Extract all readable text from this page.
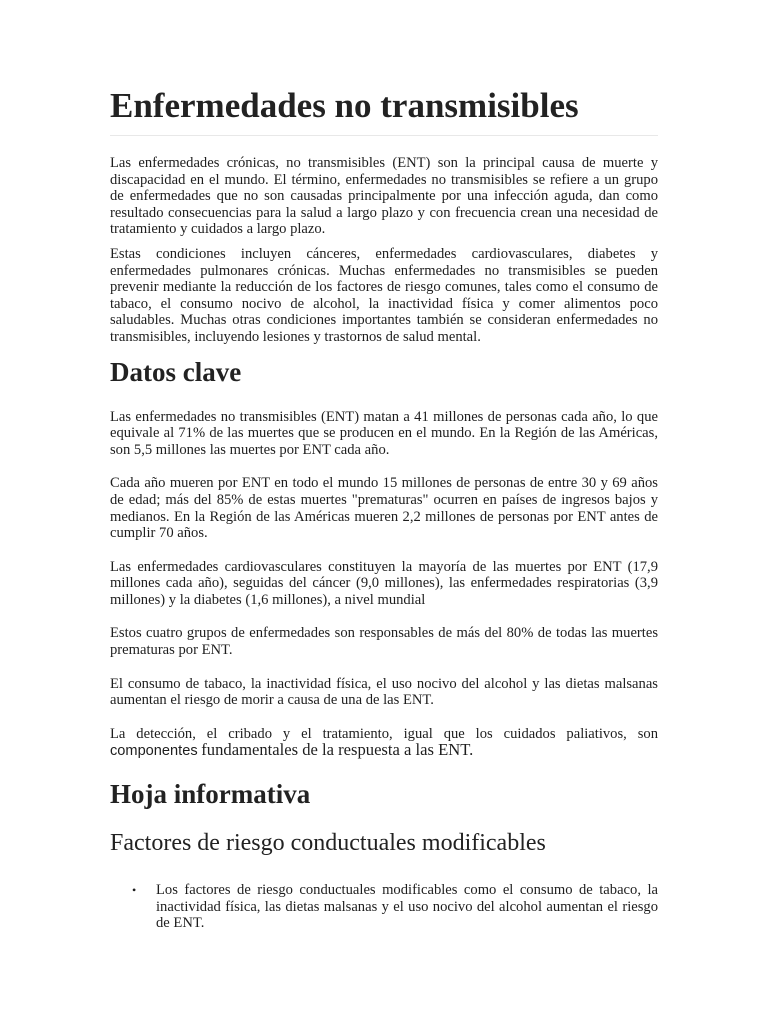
Enfermedades no transmisibles

Las enfermedades crónicas, no transmisibles (ENT) son la principal causa de muerte y discapacidad en el mundo. El término, enfermedades no transmisibles se refiere a un grupo de enfermedades que no son causadas principalmente por una infección aguda, dan como resultado consecuencias para la salud a largo plazo y con frecuencia crean una necesidad de tratamiento y cuidados a largo plazo.

Estas condiciones incluyen cánceres, enfermedades cardiovasculares, diabetes y enfermedades pulmonares crónicas. Muchas enfermedades no transmisibles se pueden prevenir mediante la reducción de los factores de riesgo comunes, tales como el consumo de tabaco, el consumo nocivo de alcohol, la inactividad física y comer alimentos poco saludables. Muchas otras condiciones importantes también se consideran enfermedades no transmisibles, incluyendo lesiones y trastornos de salud mental.

Datos clave

Las enfermedades no transmisibles (ENT) matan a 41 millones de personas cada año, lo que equivale al 71% de las muertes que se producen en el mundo. En la Región de las Américas, son 5,5 millones las muertes por ENT cada año.

Cada año mueren por ENT en todo el mundo 15 millones de personas de entre 30 y 69 años de edad; más del 85% de estas muertes "prematuras" ocurren en países de ingresos bajos y medianos. En la Región de las Américas mueren 2,2 millones de personas por ENT antes de cumplir 70 años.

Las enfermedades cardiovasculares constituyen la mayoría de las muertes por ENT (17,9 millones cada año), seguidas del cáncer (9,0 millones), las enfermedades respiratorias (3,9 millones) y la diabetes (1,6 millones), a nivel mundial

Estos cuatro grupos de enfermedades son responsables de más del 80% de todas las muertes prematuras por ENT.

El consumo de tabaco, la inactividad física, el uso nocivo del alcohol y las dietas malsanas aumentan el riesgo de morir a causa de una de las ENT.

La detección, el cribado y el tratamiento, igual que los cuidados paliativos, son componentes fundamentales de la respuesta a las ENT.

Hoja informativa
Factores de riesgo conductuales modificables
• Los factores de riesgo conductuales modificables como el consumo de tabaco, la inactividad física, las dietas malsanas y el uso nocivo del alcohol aumentan el riesgo de ENT.
